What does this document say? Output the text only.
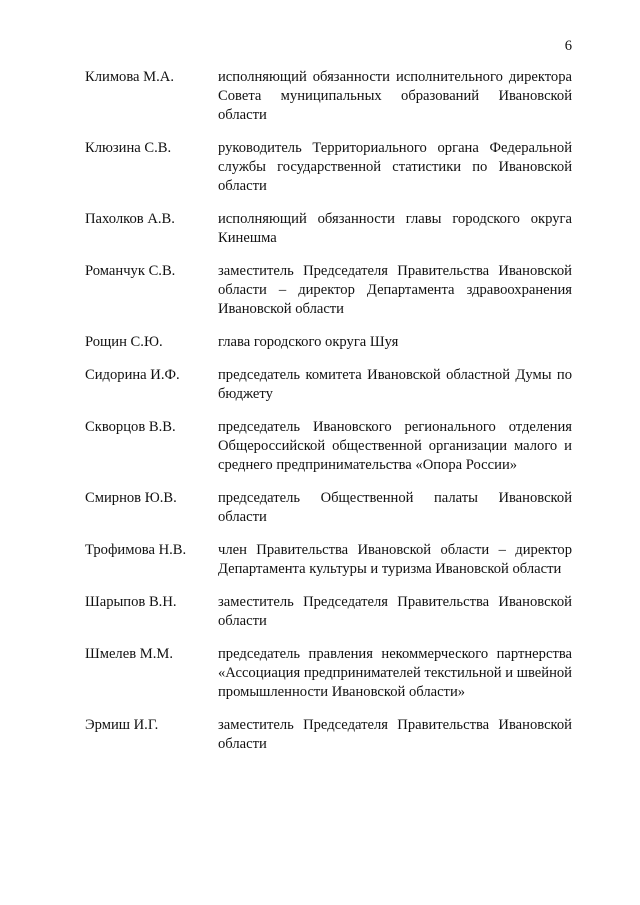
6
Климова М.А.	исполняющий обязанности исполнительного директора Совета муниципальных образований Ивановской области
Клюзина С.В.	руководитель Территориального органа Федеральной службы государственной статистики по Ивановской области
Пахолков А.В.	исполняющий обязанности главы городского округа Кинешма
Романчук С.В.	заместитель Председателя Правительства Ивановской области – директор Департамента здравоохранения Ивановской области
Рощин С.Ю.	глава городского округа Шуя
Сидорина И.Ф.	председатель комитета Ивановской областной Думы по бюджету
Скворцов В.В.	председатель Ивановского регионального отделения Общероссийской общественной организации малого и среднего предпринимательства «Опора России»
Смирнов Ю.В.	председатель Общественной палаты Ивановской области
Трофимова Н.В.	член Правительства Ивановской области – директор Департамента культуры и туризма Ивановской области
Шарыпов В.Н.	заместитель Председателя Правительства Ивановской области
Шмелев М.М.	председатель правления некоммерческого партнерства «Ассоциация предпринимателей текстильной и швейной промышленности Ивановской области»
Эрмиш И.Г.	заместитель Председателя Правительства Ивановской области
